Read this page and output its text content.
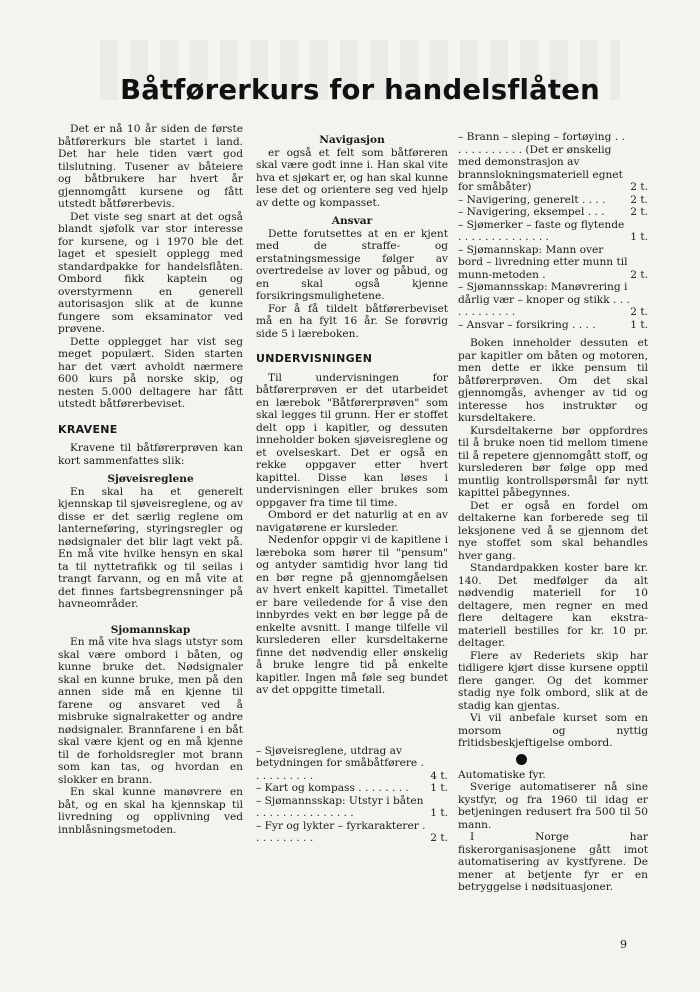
Båtførerkurs for handelsflåten

Det er nå 10 år siden de første båtførerkurs ble startet i land. Det har hele tiden vært god tilslutning. Tusener av båteiere og båtbrukere har hvert år gjennomgått kursene og fått utstedt båtførerbevis.

Det viste seg snart at det også blandt sjøfolk var stor interesse for kursene, og i 1970 ble det laget et spesielt opplegg med standardpakke for handelsflåten. Ombord fikk kaptein og overstyrmenn en generell autorisasjon slik at de kunne fungere som eksaminator ved prøvene.

Dette opplegget har vist seg meget populært. Siden starten har det vært avholdt nærmere 600 kurs på norske skip, og nesten 5.000 deltagere har fått utstedt båtførerbeviset.

KRAVENE

Kravene til båtførerprøven kan kort sammenfattes slik:

Sjøveisreglene

En skal ha et generelt kjennskap til sjøveisreglene, og av disse er det særlig reglene om lanterneføring, styringsregler og nødsignaler det blir lagt vekt på. En må vite hvilke hensyn en skal ta til nyttetrafikk og til seilas i trangt farvann, og en må vite at det finnes fartsbegrensninger på havneområder.

Sjomannskap

En må vite hva slags utstyr som skal være ombord i båten, og kunne bruke det. Nødsignaler skal en kunne bruke, men på den annen side må en kjenne til farene og ansvaret ved å misbruke signalraketter og andre nødsignaler. Brannfarene i en båt skal være kjent og en må kjenne til de forholdsregler mot brann som kan tas, og hvordan en slokker en brann.

En skal kunne manøvrere en båt, og en skal ha kjennskap til livredning og opplivning ved innblåsningsmetoden.

Navigasjon

er også et felt som båtføreren skal være godt inne i. Han skal vite hva et sjøkart er, og han skal kunne lese det og orientere seg ved hjelp av dette og kompasset.

Ansvar

Dette forutsettes at en er kjent med de straffe- og erstatningsmessige følger av overtredelse av lover og påbud, og en skal også kjenne forsikringsmulighetene.

For å få tildelt båtførerbeviset må en ha fylt 16 år. Se forøvrig side 5 i læreboken.

UNDERVISNINGEN

Til undervisningen for båtførerprøven er det utarbeidet en lærebok "Båtførerprøven" som skal legges til grunn. Her er stoffet delt opp i kapitler, og dessuten inneholder boken sjøveisreglene og et ovelseskart. Det er også en rekke oppgaver etter hvert kapittel. Disse kan løses i undervisningen eller brukes som oppgaver fra time til time.

Ombord er det naturlig at en av navigatørene er kursleder.

Nedenfor oppgir vi de kapitlene i læreboka som hører til "pensum" og antyder samtidig hvor lang tid en bør regne på gjennomgåelsen av hvert enkelt kapittel. Timetallet er bare veiledende for å vise den innbyrdes vekt en bør legge på de enkelte avsnitt. I mange tilfelle vil kurslederen eller kursdeltakerne finne det nødvendig eller ønskelig å bruke lengre tid på enkelte kapitler. Ingen må føle seg bundet av det oppgitte timetall.

– Sjøveisreglene, utdrag av betydningen for småbåtførere . . . . . . . . . .	4 t.
– Kart og kompass . . . . . . . .	1 t.
– Sjømannsskap: Utstyr i båten . . . . . . . . . . . . . . .	1 t.
– Fyr og lykter – fyrkarakterer . . . . . . . . . .	2 t.
– Brann – sleping – fortøying . . . . . . . . . . . . (Det er ønskelig med demonstrasjon av brannslokningsmateriell egnet for småbåter)	2 t.
– Navigering, generelt . . . .	2 t.
– Navigering, eksempel . . .	2 t.
– Sjømerker – faste og flytende . . . . . . . . . . . . . .	1 t.
– Sjømannskap: Mann over bord – livredning etter munn til munn-metoden .	2 t.
– Sjømannsskap: Manøvrering i dårlig vær – knoper og stikk . . . . . . . . . . . .	2 t.
– Ansvar – forsikring . . . .	1 t.

Boken inneholder dessuten et par kapitler om båten og motoren, men dette er ikke pensum til båtførerprøven. Om det skal gjennomgås, avhenger av tid og interesse hos instruktør og kursdeltakere.

Kursdeltakerne bør oppfordres til å bruke noen tid mellom timene til å repetere gjennomgått stoff, og kurslederen bør følge opp med muntlig kontrollspørsmål før nytt kapittel påbegynnes.

Det er også en fordel om deltakerne kan forberede seg til leksjonene ved å se gjennom det nye stoffet som skal behandles hver gang.

Standardpakken koster bare kr. 140. Det medfølger da alt nødvendig materiell for 10 deltagere, men regner en med flere deltagere kan ekstra-materiell bestilles for kr. 10 pr. deltager.

Flere av Rederiets skip har tidligere kjørt disse kursene opptil flere ganger. Og det kommer stadig nye folk ombord, slik at de stadig kan gjentas.

Vi vil anbefale kurset som en morsom og nyttig fritidsbeskjeftigelse ombord.

Automatiske fyr.

Sverige automatiserer nå sine kystfyr, og fra 1960 til idag er betjeningen redusert fra 500 til 50 mann.

I Norge har fiskerorganisasjonene gått imot automatisering av kystfyrene. De mener at betjente fyr er en betryggelse i nødsituasjoner.

9
